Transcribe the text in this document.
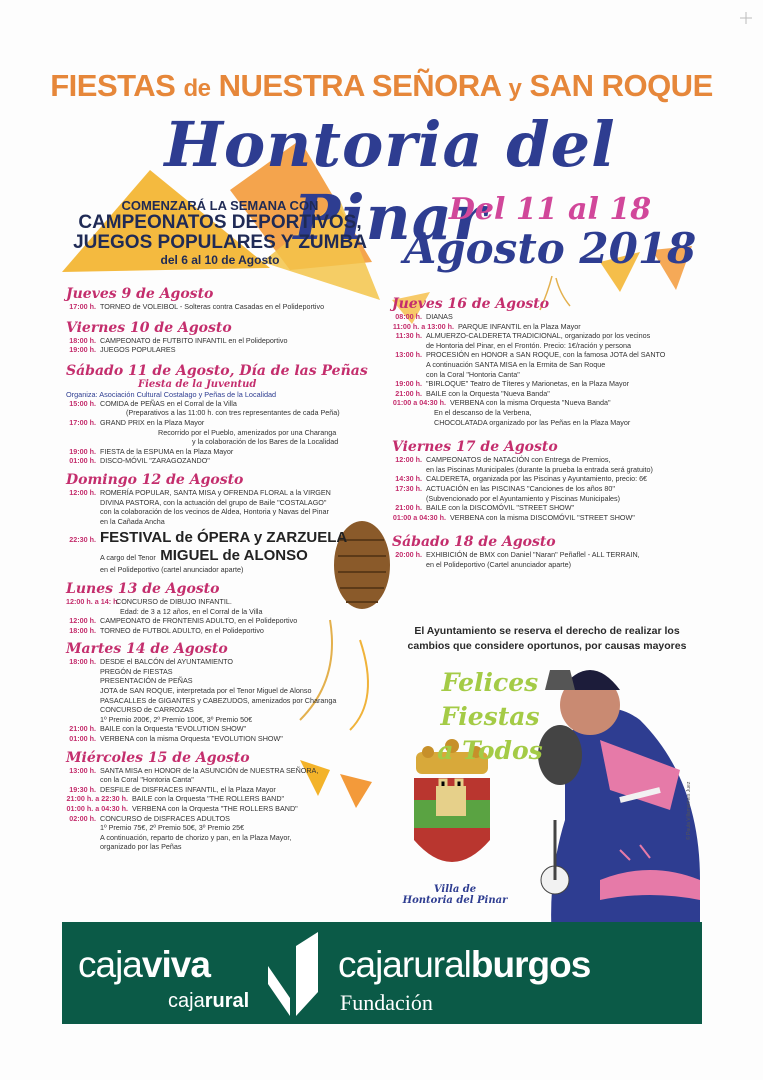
FIESTAS de NUESTRA SEÑORA y SAN ROQUE
Hontoria del Pinar
COMENZARÁ LA SEMANA CON
CAMPEONATOS DEPORTIVOS,
JUEGOS POPULARES Y ZUMBA
del 6 al 10 de Agosto
Del 11 al 18
Agosto 2018
Jueves 9 de Agosto
17:00 h. TORNEO de VOLEIBOL - Solteras contra Casadas en el Polideportivo
Viernes 10 de Agosto
18:00 h. CAMPEONATO de FUTBITO INFANTIL en el Polideportivo
19:00 h. JUEGOS POPULARES
Sábado 11 de Agosto, Día de las Peñas
Fiesta de la Juventud
Organiza: Asociación Cultural Costalago y Peñas de la Localidad
15:00 h. COMIDA de PEÑAS en el Corral de la Villa
(Preparativos a las 11:00 h. con tres representantes de cada Peña)
17:00 h. GRAND PRIX en la Plaza Mayor
Recorrido por el Pueblo, amenizados por una Charanga
y la colaboración de los Bares de la Localidad
19:00 h. FIESTA de la ESPUMA en la Plaza Mayor
01:00 h. DISCO-MÓVIL "ZARAGOZANDO"
Domingo 12 de Agosto
12:00 h. ROMERÍA POPULAR, SANTA MISA y OFRENDA FLORAL a la VIRGEN
DIVINA PASTORA, con la actuación del grupo de Baile "COSTALAGO"
con la colaboración de los vecinos de Aldea, Hontoria y Navas del Pinar
en la Cañada Ancha
22:30 h. FESTIVAL de ÓPERA y ZARZUELA
A cargo del Tenor MIGUEL de ALONSO
en el Polideportivo (cartel anunciador aparte)
Lunes 13 de Agosto
12:00 h. a 14: h.CONCURSO de DIBUJO INFANTIL.
Edad: de 3 a 12 años, en el Corral de la Villa
12:00 h. CAMPEONATO de FRONTENIS ADULTO, en el Polideportivo
18:00 h. TORNEO de FUTBOL ADULTO, en el Polideportivo
Martes 14 de Agosto
18:00 h. DESDE el BALCÓN del AYUNTAMIENTO
PREGÓN de FIESTAS
PRESENTACIÓN de PEÑAS
JOTA de SAN ROQUE, interpretada por el Tenor Miguel de Alonso
PASACALLES de GIGANTES y CABEZUDOS, amenizados por Charanga
CONCURSO de CARROZAS
1º Premio 200€, 2º Premio 100€, 3º Premio 50€
21:00 h. BAILE con la Orquesta "EVOLUTION SHOW"
01:00 h. VERBENA con la misma Orquesta "EVOLUTION SHOW"
Miércoles 15 de Agosto
13:00 h. SANTA MISA en HONOR de la ASUNCIÓN de NUESTRA SEÑORA,
con la Coral "Hontoria Canta"
19:30 h. DESFILE de DISFRACES INFANTIL, el la Plaza Mayor
21:00 h. a 22:30 h. BAILE con la Orquesta "THE ROLLERS BAND"
01:00 h. a 04:30 h. VERBENA con la Orquesta "THE ROLLERS BAND"
02:00 h. CONCURSO de DISFRACES ADULTOS
1º Premio 75€, 2º Premio 50€, 3º Premio 25€
A continuación, reparto de chorizo y pan, en la Plaza Mayor,
organizado por las Peñas
Jueves 16 de Agosto
08:00 h. DIANAS
11:00 h. a 13:00 h. PARQUE INFANTIL en la Plaza Mayor
11:30 h. ALMUERZO-CALDERETA TRADICIONAL, organizado por los vecinos
de Hontoria del Pinar, en el Frontón. Precio: 1€/ración y persona
13:00 h. PROCESIÓN en HONOR a SAN ROQUE, con la famosa JOTA del SANTO
A continuación SANTA MISA en la Ermita de San Roque
con la Coral "Hontoria Canta"
19:00 h. "BIRLOQUE" Teatro de Títeres y Marionetas, en la Plaza Mayor
21:00 h. BAILE con la Orquesta "Nueva Banda"
01:00 a 04:30 h. VERBENA con la misma Orquesta "Nueva Banda"
En el descanso de la Verbena,
CHOCOLATADA organizado por las Peñas en la Plaza Mayor
Viernes 17 de Agosto
12:00 h. CAMPEONATOS de NATACIÓN con Entrega de Premios,
en las Piscinas Municipales (durante la prueba la entrada será gratuito)
14:30 h. CALDERETA, organizada por las Piscinas y Ayuntamiento, precio: 6€
17:30 h. ACTUACIÓN en las PISCINAS "Canciones de los años 80"
(Subvencionado por el Ayuntamiento y Piscinas Municipales)
21:00 h. BAILE con la DISCOMÓVIL "STREET SHOW"
01:00 a 04:30 h. VERBENA con la misma DISCOMÓVIL "STREET SHOW"
Sábado 18 de Agosto
20:00 h. EXHIBICIÓN de BMX con Daniel "Naran" Peñaflel - ALL TERRAIN,
en el Polideportivo (Cartel anunciador aparte)
El Ayuntamiento se reserva el derecho de realizar los
cambios que considere oportunos, por causas mayores
Felices Fiestas
a Todos
Villa de
Hontoria del Pinar
© Paula Villamarines Juez
cajaviva
cajarural
cajaruralburgos
Fundación
